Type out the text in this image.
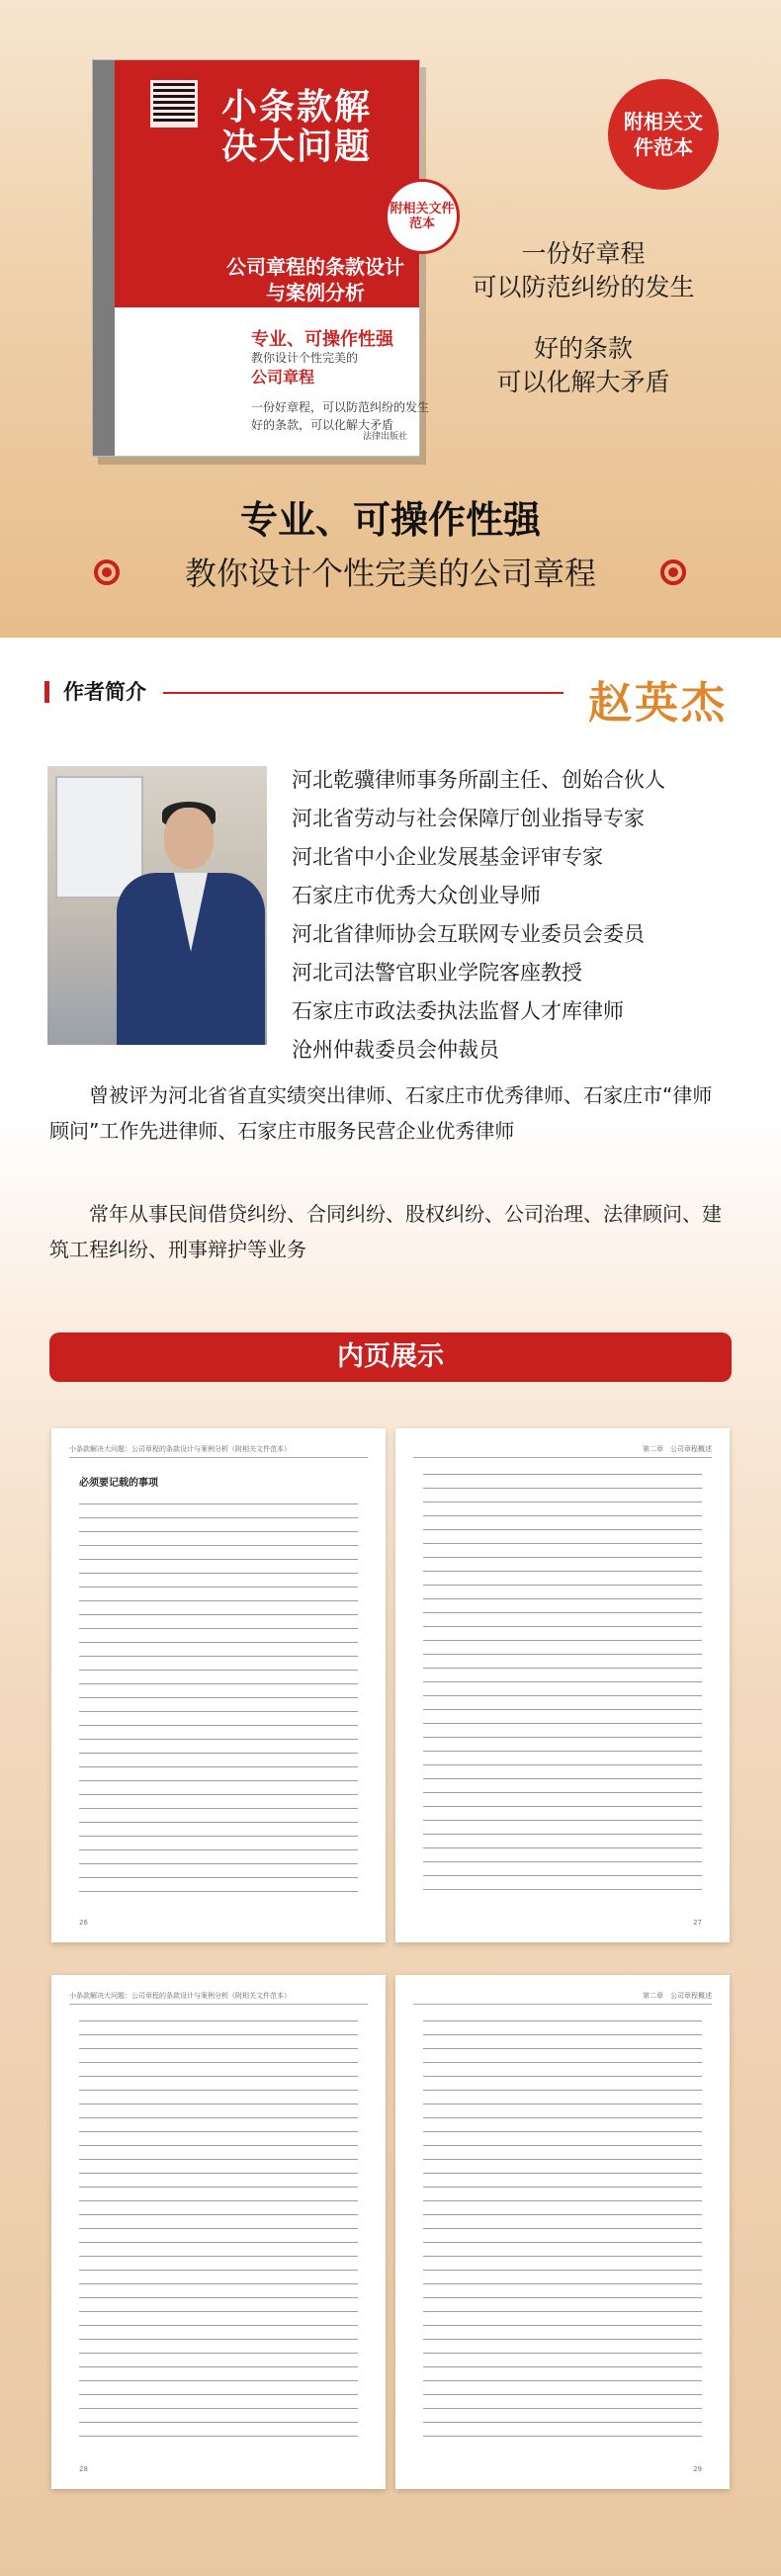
小条款解决大问题
附相关文件范本
公司章程的条款设计与案例分析
专业、可操作性强
教你设计个性完美的
公司章程
一份好章程，可以防范纠纷的发生
好的条款，可以化解大矛盾
法律出版社
附相关文件范本
一份好章程
可以防范纠纷的发生
好的条款
可以化解大矛盾
专业、可操作性强
教你设计个性完美的公司章程
作者简介	赵英杰
河北乾骥律师事务所副主任、创始合伙人
河北省劳动与社会保障厅创业指导专家
河北省中小企业发展基金评审专家
石家庄市优秀大众创业导师
河北省律师协会互联网专业委员会委员
河北司法警官职业学院客座教授
石家庄市政法委执法监督人才库律师
沧州仲裁委员会仲裁员
曾被评为河北省省直实绩突出律师、石家庄市优秀律师、石家庄市“律师顾问”工作先进律师、石家庄市服务民营企业优秀律师
常年从事民间借贷纠纷、合同纠纷、股权纠纷、公司治理、法律顾问、建筑工程纠纷、刑事辩护等业务
内页展示
小条款解决大问题：公司章程的条款设计与案例分析（附相关文件范本）
必须要记载的事项
26
第二章　公司章程概述
27
小条款解决大问题：公司章程的条款设计与案例分析（附相关文件范本）
28
第二章　公司章程概述
29
